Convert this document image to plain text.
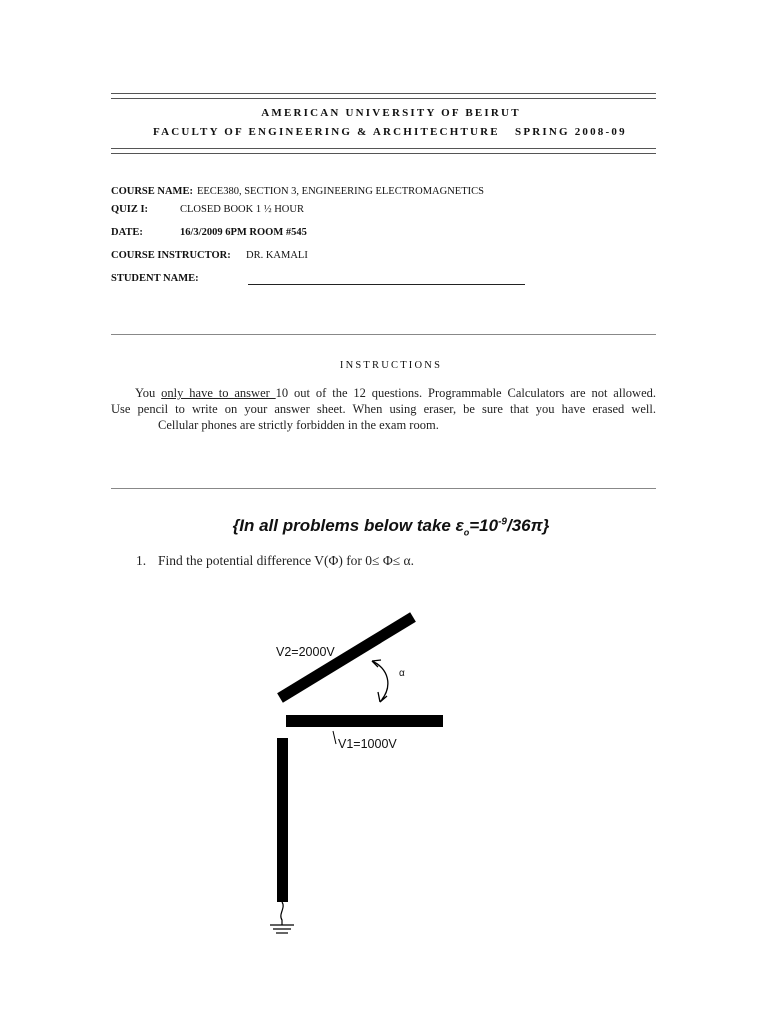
AMERICAN UNIVERSITY OF BEIRUT
FACULTY OF ENGINEERING & ARCHITECHTURE SPRING 2008-09
COURSE NAME: EECE380, SECTION 3, ENGINEERING ELECTROMAGNETICS
QUIZ I:	CLOSED BOOK 1 ½ HOUR
DATE:	16/3/2009 6PM ROOM #545
COURSE INSTRUCTOR: DR. KAMALI
STUDENT NAME:
INSTRUCTIONS
You only have to answer 10 out of the 12 questions. Programmable Calculators are not allowed.
Use pencil to write on your answer sheet. When using eraser, be sure that you have erased well.
Cellular phones are strictly forbidden in the exam room.
{In all problems below take $\varepsilon_o=10^{-9}/36\pi$}
1. Find the potential difference V(Φ) for 0≤ Φ≤ α.
V2=2000V
V1=1000V
α
